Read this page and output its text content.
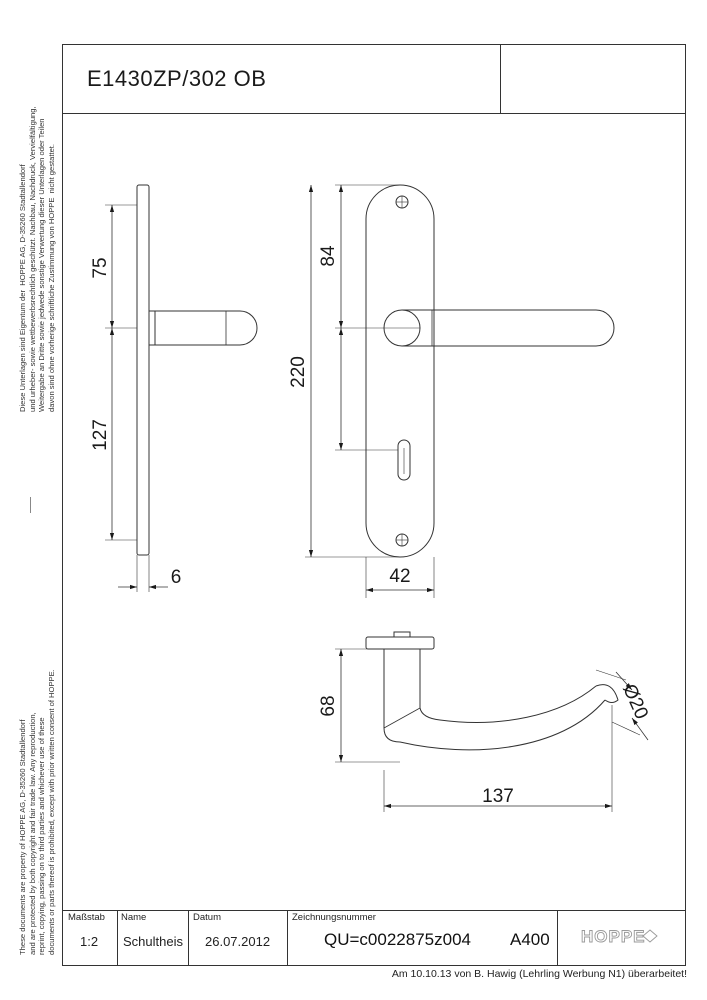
E1430ZP/302 OB
Diese Unterlagen sind Eigentum der  HOPPE AG, D-35260 Stadtallendorf
und urheber- sowie wettbewerbsrechtlich geschützt. Nachbau, Nachdruck, Vervielfältigung,
Weitergabe an Dritte sowie jedwede sonstige Verwertung dieser Unterlagen oder Teilen
davon sind ohne vorherige schriftliche Zustimmung von HOPPE  nicht gestattet.
These documents are property of HOPPE AG, D-35260 Stadtallendorf
and are protected by both copyright and fair trade law. Any reproduction,
reprint, copying, passing on to third parties and whichever use of these
documents or parts thereof is prohibited, except with prior written consent of HOPPE.
75
127
6
84
220
42
68
137
Ø20
Maßstab
1:2
Name
Schultheis
Datum
26.07.2012
Zeichnungsnummer
QU=c0022875z004 A400 HOPPE
Am 10.10.13 von B. Hawig (Lehrling Werbung N1) überarbeitet!
